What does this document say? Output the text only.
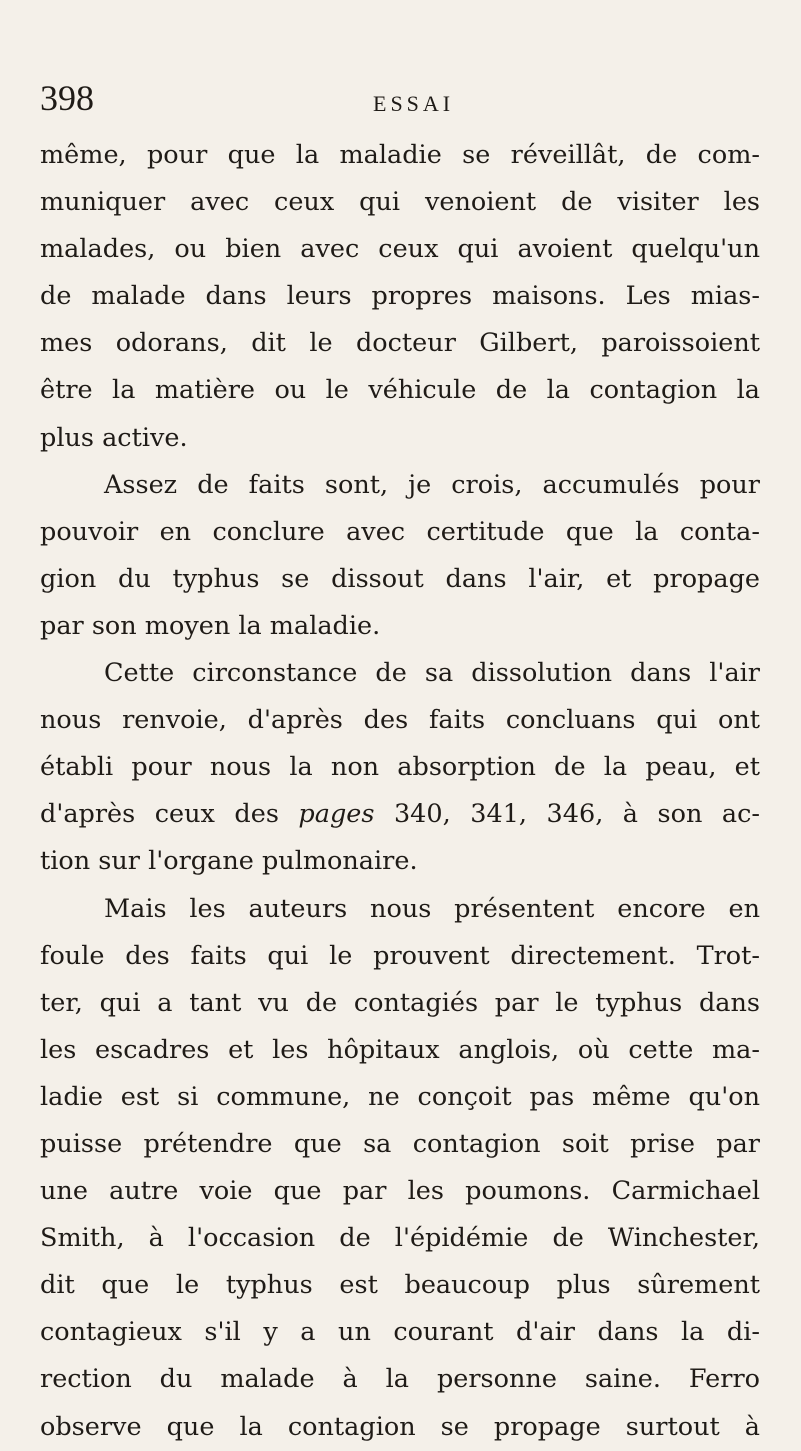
398	ESSAI
même, pour que la maladie se réveillât, de com-
muniquer avec ceux qui venoient de visiter les
malades, ou bien avec ceux qui avoient quelqu'un
de malade dans leurs propres maisons. Les mias-
mes odorans, dit le docteur Gilbert, paroissoient
être la matière ou le véhicule de la contagion la
plus active.
Assez de faits sont, je crois, accumulés pour
pouvoir en conclure avec certitude que la conta-
gion du typhus se dissout dans l'air, et propage
par son moyen la maladie.
Cette circonstance de sa dissolution dans l'air
nous renvoie, d'après des faits concluans qui ont
établi pour nous la non absorption de la peau, et
d'après ceux des pages 340, 341, 346, à son ac-
tion sur l'organe pulmonaire.
Mais les auteurs nous présentent encore en
foule des faits qui le prouvent directement. Trot-
ter, qui a tant vu de contagiés par le typhus dans
les escadres et les hôpitaux anglois, où cette ma-
ladie est si commune, ne conçoit pas même qu'on
puisse prétendre que sa contagion soit prise par
une autre voie que par les poumons. Carmichael
Smith, à l'occasion de l'épidémie de Winchester,
dit que le typhus est beaucoup plus sûrement
contagieux s'il y a un courant d'air dans la di-
rection du malade à la personne saine. Ferro
observe que la contagion se propage surtout à
